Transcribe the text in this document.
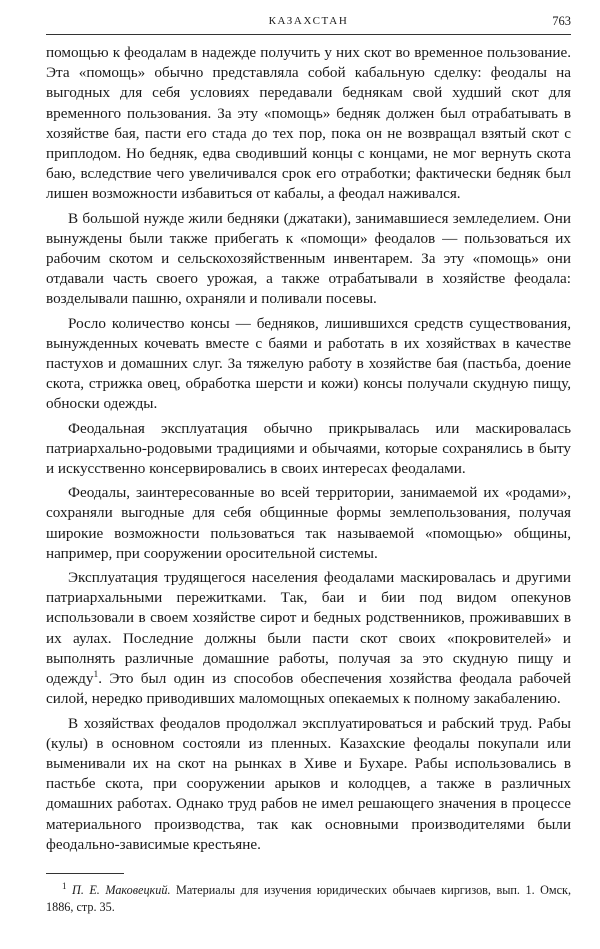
КАЗАХСТАН	763

помощью к феодалам в надежде получить у них скот во временное пользование. Эта «помощь» обычно представляла собой кабальную сделку: феодалы на выгодных для себя условиях передавали беднякам свой худший скот для временного пользования. За эту «помощь» бедняк должен был отрабатывать в хозяйстве бая, пасти его стада до тех пор, пока он не возвращал взятый скот с приплодом. Но бедняк, едва сводивший концы с концами, не мог вернуть скота баю, вследствие чего увеличивался срок его отработки; фактически бедняк был лишен возможности избавиться от кабалы, а феодал наживался.

В большой нужде жили бедняки (джатаки), занимавшиеся земледелием. Они вынуждены были также прибегать к «помощи» феодалов — пользоваться их рабочим скотом и сельскохозяйственным инвентарем. За эту «помощь» они отдавали часть своего урожая, а также отрабатывали в хозяйстве феодала: возделывали пашню, охраняли и поливали посевы.

Росло количество консы — бедняков, лишившихся средств существования, вынужденных кочевать вместе с баями и работать в их хозяйствах в качестве пастухов и домашних слуг. За тяжелую работу в хозяйстве бая (пастьба, доение скота, стрижка овец, обработка шерсти и кожи) консы получали скудную пищу, обноски одежды.

Феодальная эксплуатация обычно прикрывалась или маскировалась патриархально-родовыми традициями и обычаями, которые сохранялись в быту и искусственно консервировались в своих интересах феодалами.

Феодалы, заинтересованные во всей территории, занимаемой их «родами», сохраняли выгодные для себя общинные формы землепользования, получая широкие возможности пользоваться так называемой «помощью» общины, например, при сооружении оросительной системы.

Эксплуатация трудящегося населения феодалами маскировалась и другими патриархальными пережитками. Так, баи и бии под видом опекунов использовали в своем хозяйстве сирот и бедных родственников, проживавших в их аулах. Последние должны были пасти скот своих «покровителей» и выполнять различные домашние работы, получая за это скудную пищу и одежду$^1$. Это был один из способов обеспечения хозяйства феодала рабочей силой, нередко приводивших маломощных опекаемых к полному закабалению.

В хозяйствах феодалов продолжал эксплуатироваться и рабский труд. Рабы (кулы) в основном состояли из пленных. Казахские феодалы покупали или выменивали их на скот на рынках в Хиве и Бухаре. Рабы использовались в пастьбе скота, при сооружении арыков и колодцев, а также в различных домашних работах. Однако труд рабов не имел решающего значения в процессе материального производства, так как основными производителями были феодально-зависимые крестьяне.

$^1$ П. Е. Маковецкий. Материалы для изучения юридических обычаев киргизов, вып. 1. Омск, 1886, стр. 35.
